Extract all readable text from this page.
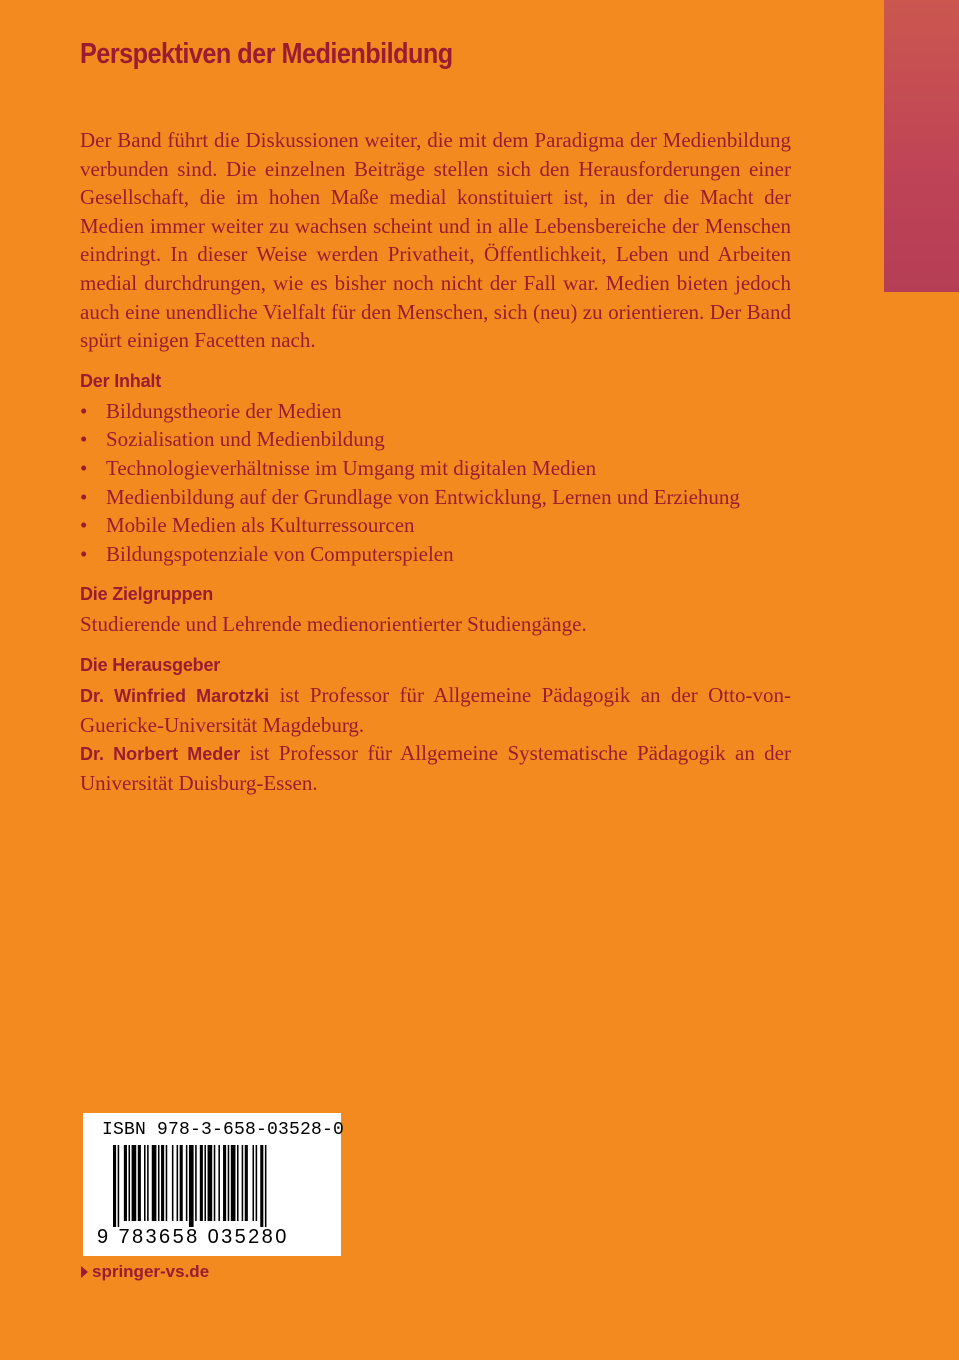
Perspektiven der Medienbildung

Der Band führt die Diskussionen weiter, die mit dem Paradigma der Medienbildung verbunden sind. Die einzelnen Beiträge stellen sich den Herausforderungen einer Gesellschaft, die im hohen Maße medial konstituiert ist, in der die Macht der Medien immer weiter zu wachsen scheint und in alle Lebensbereiche der Menschen eindringt. In dieser Weise werden Privatheit, Öffentlichkeit, Leben und Arbeiten medial durchdrungen, wie es bisher noch nicht der Fall war. Medien bieten jedoch auch eine unendliche Vielfalt für den Menschen, sich (neu) zu orientieren. Der Band spürt einigen Facetten nach.

Der Inhalt
• Bildungstheorie der Medien
• Sozialisation und Medienbildung
• Technologieverhältnisse im Umgang mit digitalen Medien
• Medienbildung auf der Grundlage von Entwicklung, Lernen und Erziehung
• Mobile Medien als Kulturressourcen
• Bildungspotenziale von Computerspielen
Die Zielgruppen

Studierende und Lehrende medienorientierter Studiengänge.

Die Herausgeber

Dr. Winfried Marotzki ist Professor für Allgemeine Pädagogik an der Otto-von-Guericke-Universität Magdeburg.

Dr. Norbert Meder ist Professor für Allgemeine Systematische Pädagogik an der Universität Duisburg-Essen.

ISBN 978-3-658-03528-0
9 783658 035280
springer-vs.de
